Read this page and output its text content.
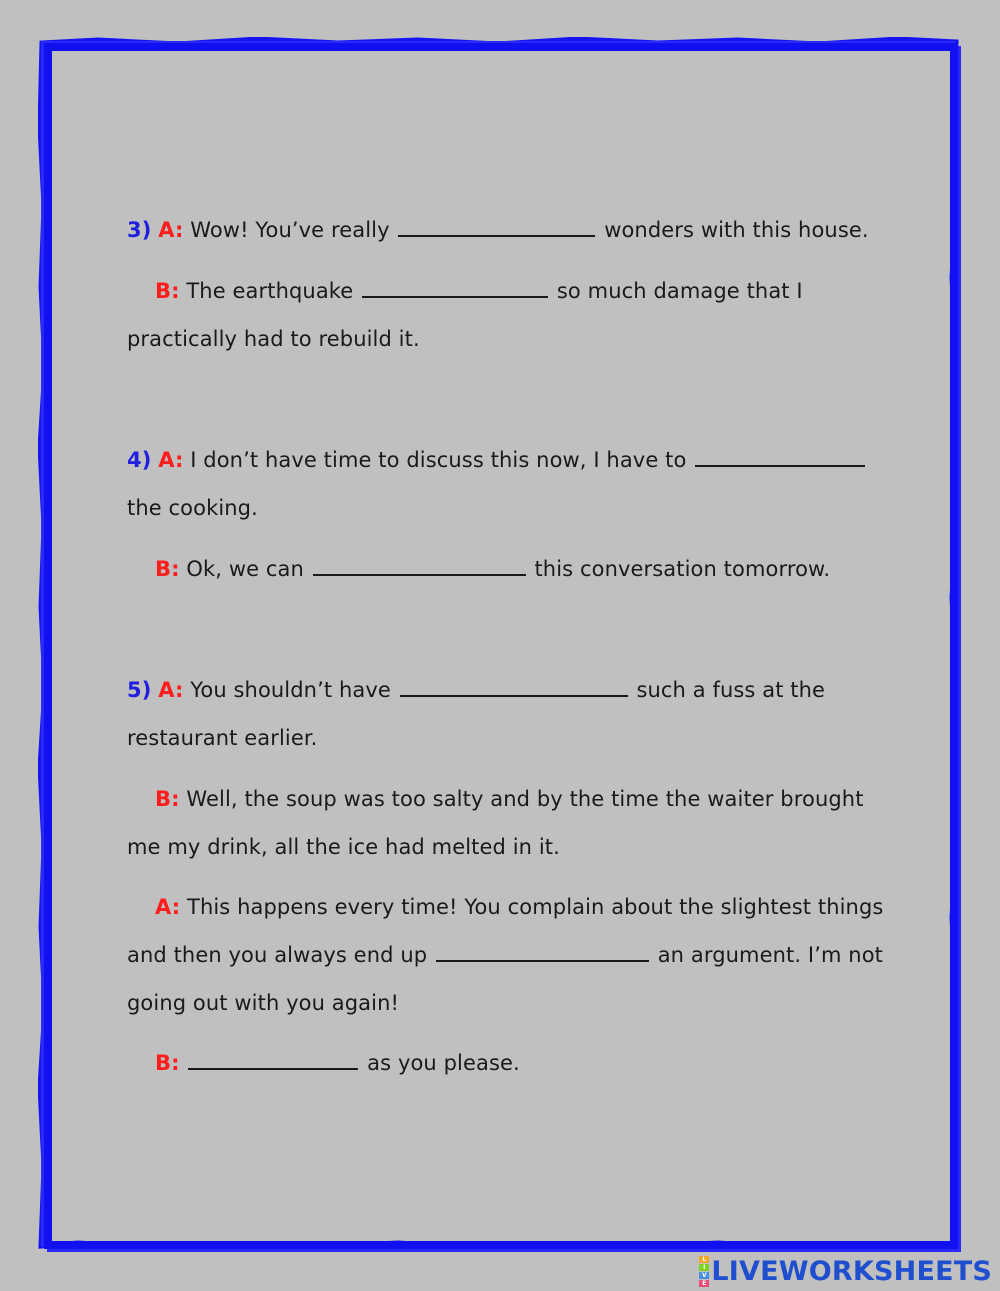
3) A: Wow! You’ve really	wonders with this house.
B: The earthquake	so much damage that I
practically had to rebuild it.
4) A: I don’t have time to discuss this now, I have to
the cooking.
B: Ok, we can	this conversation tomorrow.
5) A: You shouldn’t have	such a fuss at the
restaurant earlier.
B: Well, the soup was too salty and by the time the waiter brought
me my drink, all the ice had melted in it.
A: This happens every time! You complain about the slightest things
and then you always end up	an argument. I’m not
going out with you again!
B:	as you please.
L
I
V
E LIVEWORKSHEETS
